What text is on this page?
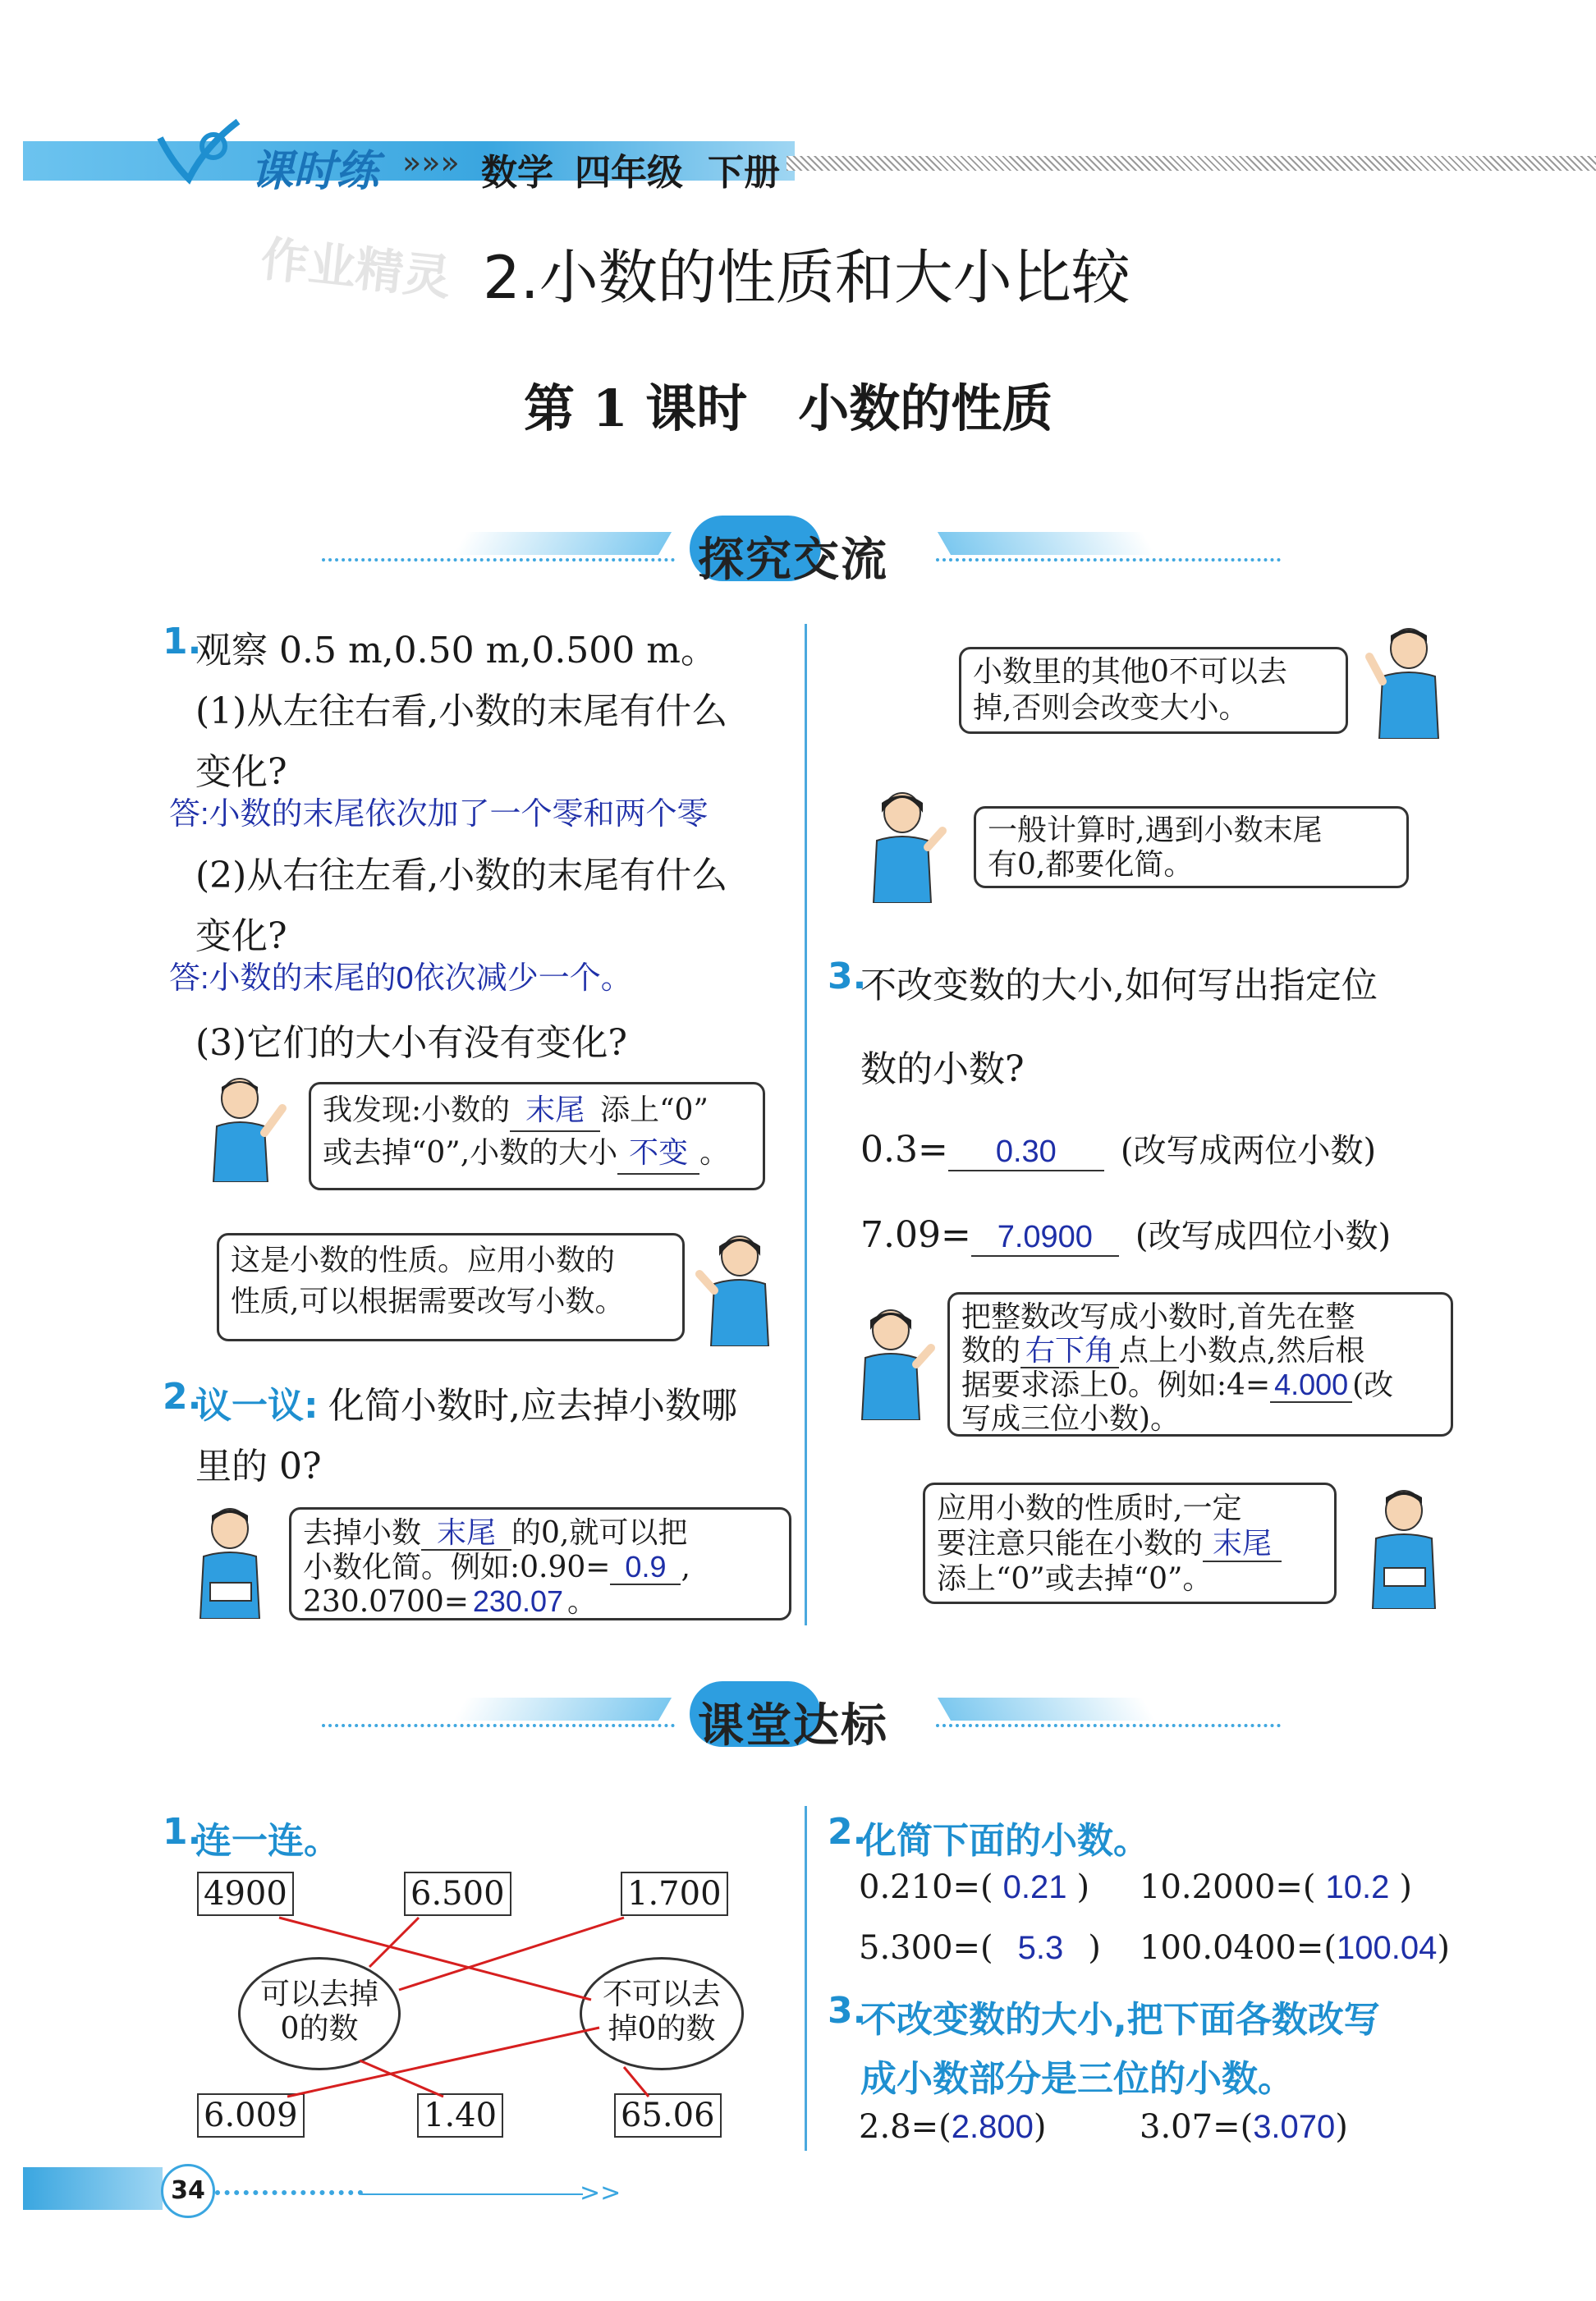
课时练 »»» 数学 四年级 下册
作业精灵 2.小数的性质和大小比较
第 1 课时　小数的性质
探究交流
1.
观察 0.5 m,0.50 m,0.500 m。
(1)从左往右看,小数的末尾有什么
变化?
答:小数的末尾依次加了一个零和两个零
(2)从右往左看,小数的末尾有什么
变化?
答:小数的末尾的0依次减少一个。
(3)它们的大小有没有变化?
我发现:小数的 末尾 添上“0”
或去掉“0”,小数的大小 不变 。
这是小数的性质。应用小数的
性质,可以根据需要改写小数。
2.
议一议: 化简小数时,应去掉小数哪
里的 0?
去掉小数 末尾 的0,就可以把
小数化简。例如:0.90= 0.9 ,
230.0700= 230.07 。
小数里的其他0不可以去
掉,否则会改变大小。
一般计算时,遇到小数末尾
有0,都要化简。
3.
不改变数的大小,如何写出指定位
数的小数?
0.3= 0.30 (改写成两位小数)
7.09= 7.0900 (改写成四位小数)
把整数改写成小数时,首先在整
数的 右下角 点上小数点,然后根
据要求添上0。例如:4= 4.000 (改
写成三位小数)。
应用小数的性质时,一定
要注意只能在小数的 末尾
添上“0”或去掉“0”。
课堂达标
1.
连一连。
4900	6.500	1.700
可以去掉
0的数
不可以去
掉0的数
6.009	1.40	65.06
2.
化简下面的小数。
0.210=( 0.21 ) 10.2000=( 10.2 )
5.300=( 5.3 ) 100.0400=(100.04)
3.
不改变数的大小,把下面各数改写
成小数部分是三位的小数。
2.8=(2.800)	3.07=(3.070)
34	>>
